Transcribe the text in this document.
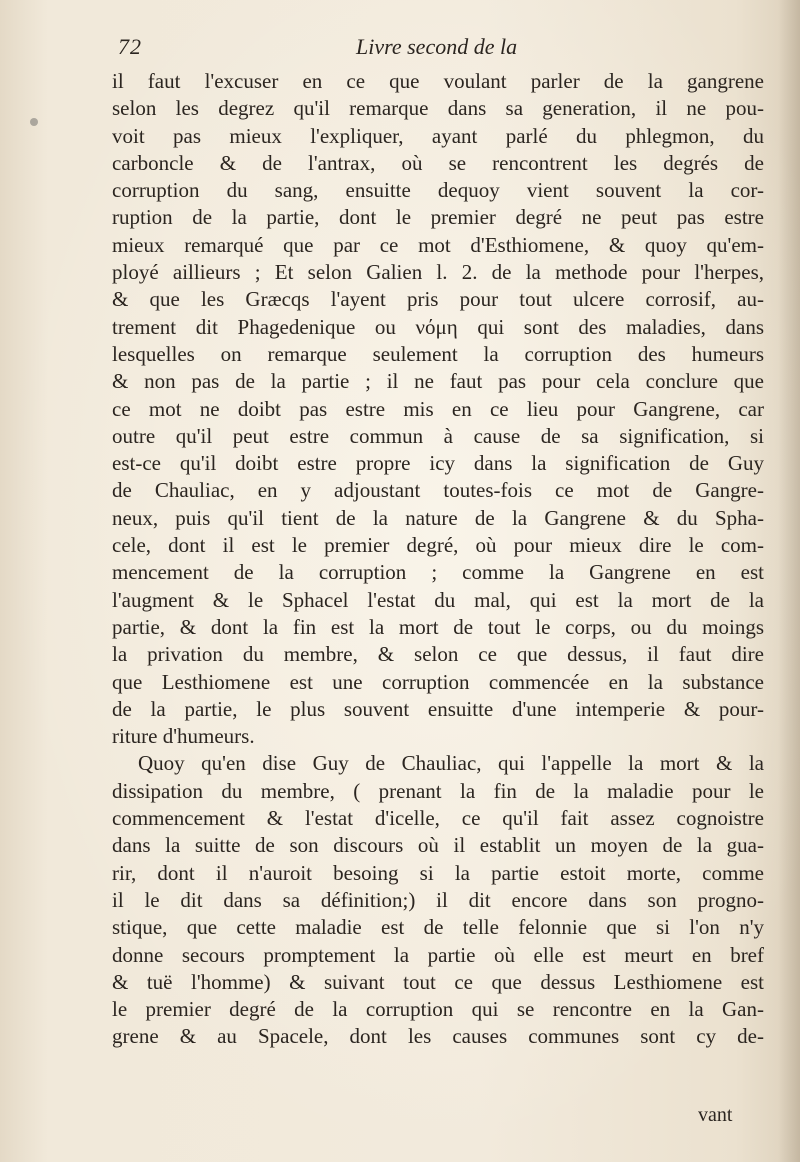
72	Livre second de la
il faut l'excuser en ce que voulant parler de la gangrene
selon les degrez qu'il remarque dans sa generation, il ne pou-
voit pas mieux l'expliquer, ayant parlé du phlegmon, du
carboncle & de l'antrax, où se rencontrent les degrés de
corruption du sang, ensuitte dequoy vient souvent la cor-
ruption de la partie, dont le premier degré ne peut pas estre
mieux remarqué que par ce mot d'Esthiomene, & quoy qu'em-
ployé aillieurs ; Et selon Galien l. 2. de la methode pour l'herpes,
& que les Græcqs l'ayent pris pour tout ulcere corrosif, au-
trement dit Phagedenique ou νόμη qui sont des maladies, dans
lesquelles on remarque seulement la corruption des humeurs
& non pas de la partie ; il ne faut pas pour cela conclure que
ce mot ne doibt pas estre mis en ce lieu pour Gangrene, car
outre qu'il peut estre commun à cause de sa signification, si
est-ce qu'il doibt estre propre icy dans la signification de Guy
de Chauliac, en y adjoustant toutes-fois ce mot de Gangre-
neux, puis qu'il tient de la nature de la Gangrene & du Spha-
cele, dont il est le premier degré, où pour mieux dire le com-
mencement de la corruption ; comme la Gangrene en est
l'augment & le Sphacel l'estat du mal, qui est la mort de la
partie, & dont la fin est la mort de tout le corps, ou du moings
la privation du membre, & selon ce que dessus, il faut dire
que Lesthiomene est une corruption commencée en la substance
de la partie, le plus souvent ensuitte d'une intemperie & pour-
riture d'humeurs.
Quoy qu'en dise Guy de Chauliac, qui l'appelle la mort & la
dissipation du membre, ( prenant la fin de la maladie pour le
commencement & l'estat d'icelle, ce qu'il fait assez cognoistre
dans la suitte de son discours où il establit un moyen de la gua-
rir, dont il n'auroit besoing si la partie estoit morte, comme
il le dit dans sa définition;) il dit encore dans son progno-
stique, que cette maladie est de telle felonnie que si l'on n'y
donne secours promptement la partie où elle est meurt en bref
& tuë l'homme) & suivant tout ce que dessus Lesthiomene est
le premier degré de la corruption qui se rencontre en la Gan-
grene & au Spacele, dont les causes communes sont cy de-
vant
